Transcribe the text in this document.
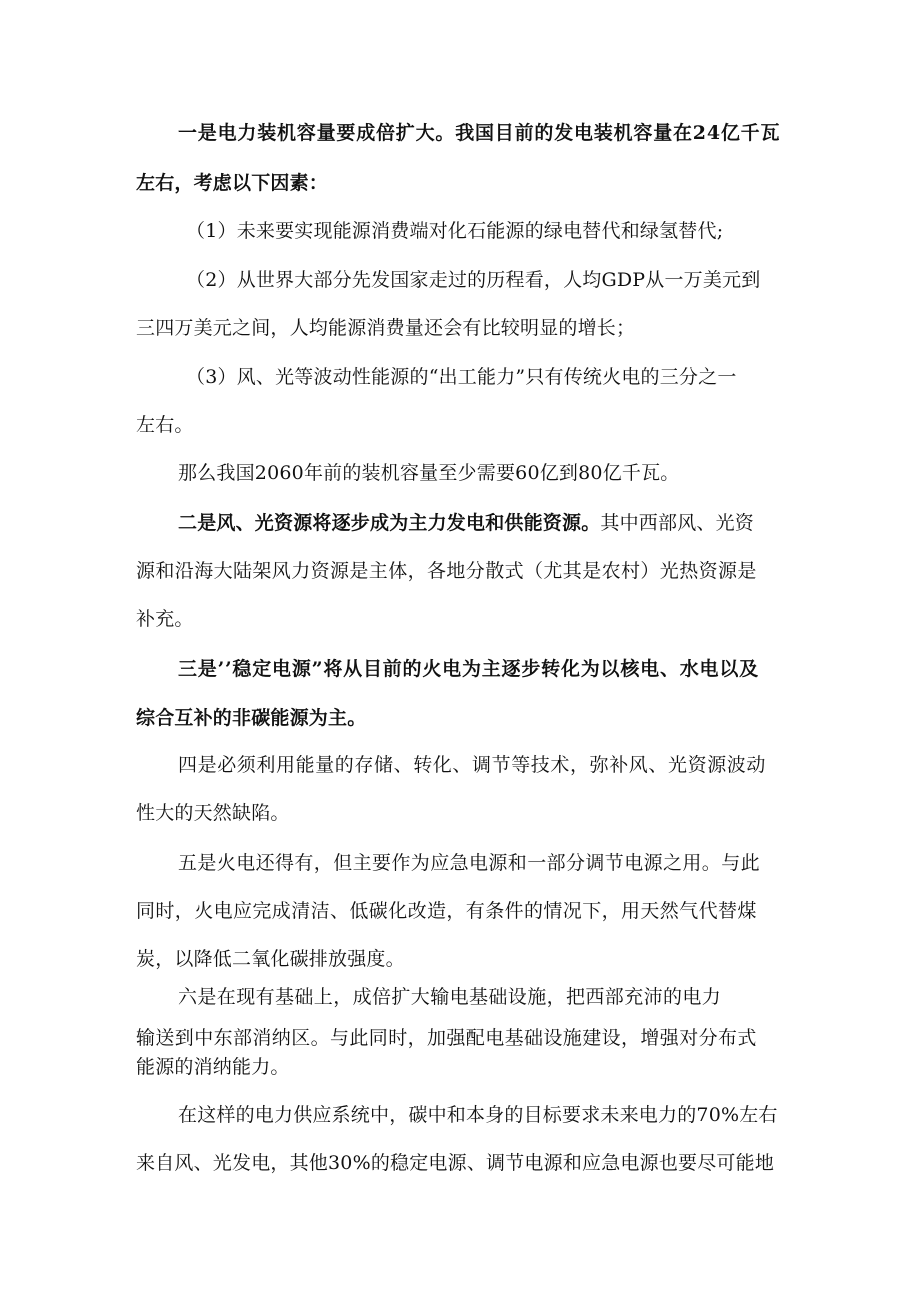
一是电力装机容量要成倍扩大。我国目前的发电装机容量在24亿千瓦
左右，考虑以下因素：
（1）未来要实现能源消费端对化石能源的绿电替代和绿氢替代;
（2）从世界大部分先发国家走过的历程看，人均GDP从一万美元到
三四万美元之间，人均能源消费量还会有比较明显的增长；
（3）风、光等波动性能源的“出工能力”只有传统火电的三分之一
左右。
那么我国2060年前的装机容量至少需要60亿到80亿千瓦。
二是风、光资源将逐步成为主力发电和供能资源。其中西部风、光资
源和沿海大陆架风力资源是主体，各地分散式（尤其是农村）光热资源是
补充。
三是’’稳定电源”将从目前的火电为主逐步转化为以核电、水电以及
综合互补的非碳能源为主。
四是必须利用能量的存储、转化、调节等技术，弥补风、光资源波动
性大的天然缺陷。
五是火电还得有，但主要作为应急电源和一部分调节电源之用。与此
同时，火电应完成清洁、低碳化改造，有条件的情况下，用天然气代替煤
炭，以降低二氧化碳排放强度。
六是在现有基础上，成倍扩大输电基础设施，把西部充沛的电力
输送到中东部消纳区。与此同时，加强配电基础设施建设，增强对分布式
能源的消纳能力。
在这样的电力供应系统中，碳中和本身的目标要求未来电力的70%左右
来自风、光发电，其他30%的稳定电源、调节电源和应急电源也要尽可能地
